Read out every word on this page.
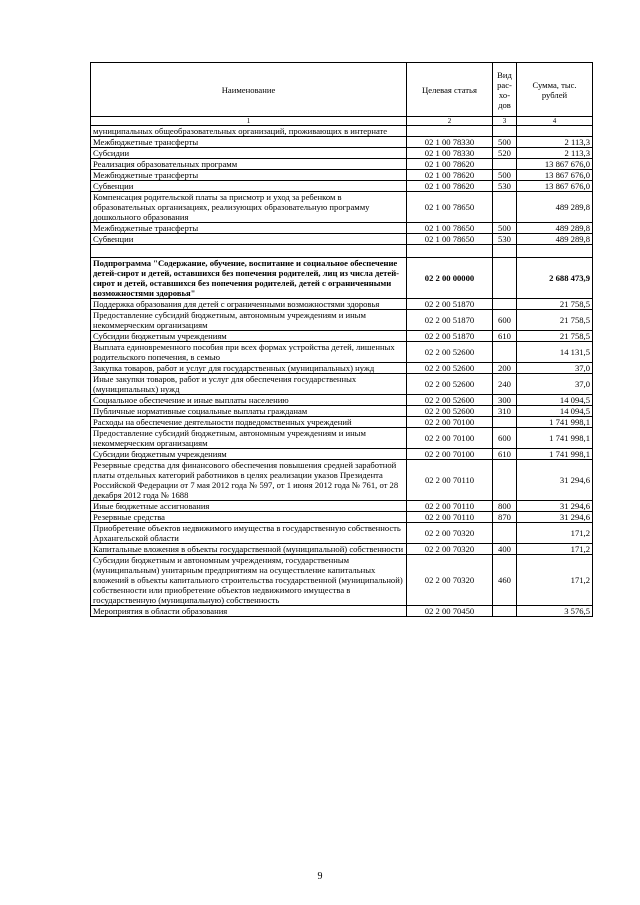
Наименование	Целевая статья	Вид рас-хо-дов	Сумма, тыс. рублей
1	2	3	4
муниципальных общеобразовательных организаций, проживающих в интернате			
Межбюджетные трансферты	02 1 00 78330	500	2 113,3
Субсидии	02 1 00 78330	520	2 113,3
Реализация образовательных программ	02 1 00 78620		13 867 676,0
Межбюджетные трансферты	02 1 00 78620	500	13 867 676,0
Субвенции	02 1 00 78620	530	13 867 676,0
Компенсация родительской платы за присмотр и уход за ребенком в образовательных организациях, реализующих образовательную программу дошкольного образования	02 1 00 78650		489 289,8
Межбюджетные трансферты	02 1 00 78650	500	489 289,8
Субвенции	02 1 00 78650	530	489 289,8

Подпрограмма "Содержание, обучение, воспитание и социальное обеспечение детей-сирот и детей, оставшихся без попечения родителей, лиц из числа детей-сирот и детей, оставшихся без попечения родителей, детей с ограниченными возможностями здоровья"	02 2 00 00000		2 688 473,9
Поддержка образования для детей с ограниченными возможностями здоровья	02 2 00 51870		21 758,5
Предоставление субсидий бюджетным, автономным учреждениям и иным некоммерческим организациям	02 2 00 51870	600	21 758,5
Субсидии бюджетным учреждениям	02 2 00 51870	610	21 758,5
Выплата единовременного пособия при всех формах устройства детей, лишенных родительского попечения, в семью	02 2 00 52600		14 131,5
Закупка товаров, работ и услуг для государственных (муниципальных) нужд	02 2 00 52600	200	37,0
Иные закупки товаров, работ и услуг для обеспечения государственных (муниципальных) нужд	02 2 00 52600	240	37,0
Социальное обеспечение и иные выплаты населению	02 2 00 52600	300	14 094,5
Публичные нормативные социальные выплаты гражданам	02 2 00 52600	310	14 094,5
Расходы на обеспечение деятельности подведомственных учреждений	02 2 00 70100		1 741 998,1
Предоставление субсидий бюджетным, автономным учреждениям и иным некоммерческим организациям	02 2 00 70100	600	1 741 998,1
Субсидии бюджетным учреждениям	02 2 00 70100	610	1 741 998,1
Резервные средства для финансового обеспечения повышения средней заработной платы отдельных категорий работников в целях реализации указов Президента Российской Федерации от 7 мая 2012 года № 597, от 1 июня 2012 года № 761, от 28 декабря 2012 года № 1688	02 2 00 70110		31 294,6
Иные бюджетные ассигнования	02 2 00 70110	800	31 294,6
Резервные средства	02 2 00 70110	870	31 294,6
Приобретение объектов недвижимого имущества в государственную собственность Архангельской области	02 2 00 70320		171,2
Капитальные вложения в объекты государственной (муниципальной) собственности	02 2 00 70320	400	171,2
Субсидии бюджетным и автономным учреждениям, государственным (муниципальным) унитарным предприятиям на осуществление капитальных вложений в объекты капитального строительства государственной (муниципальной) собственности или приобретение объектов недвижимого имущества в государственную (муниципальную) собственность	02 2 00 70320	460	171,2
Мероприятия в области образования	02 2 00 70450		3 576,5
9
